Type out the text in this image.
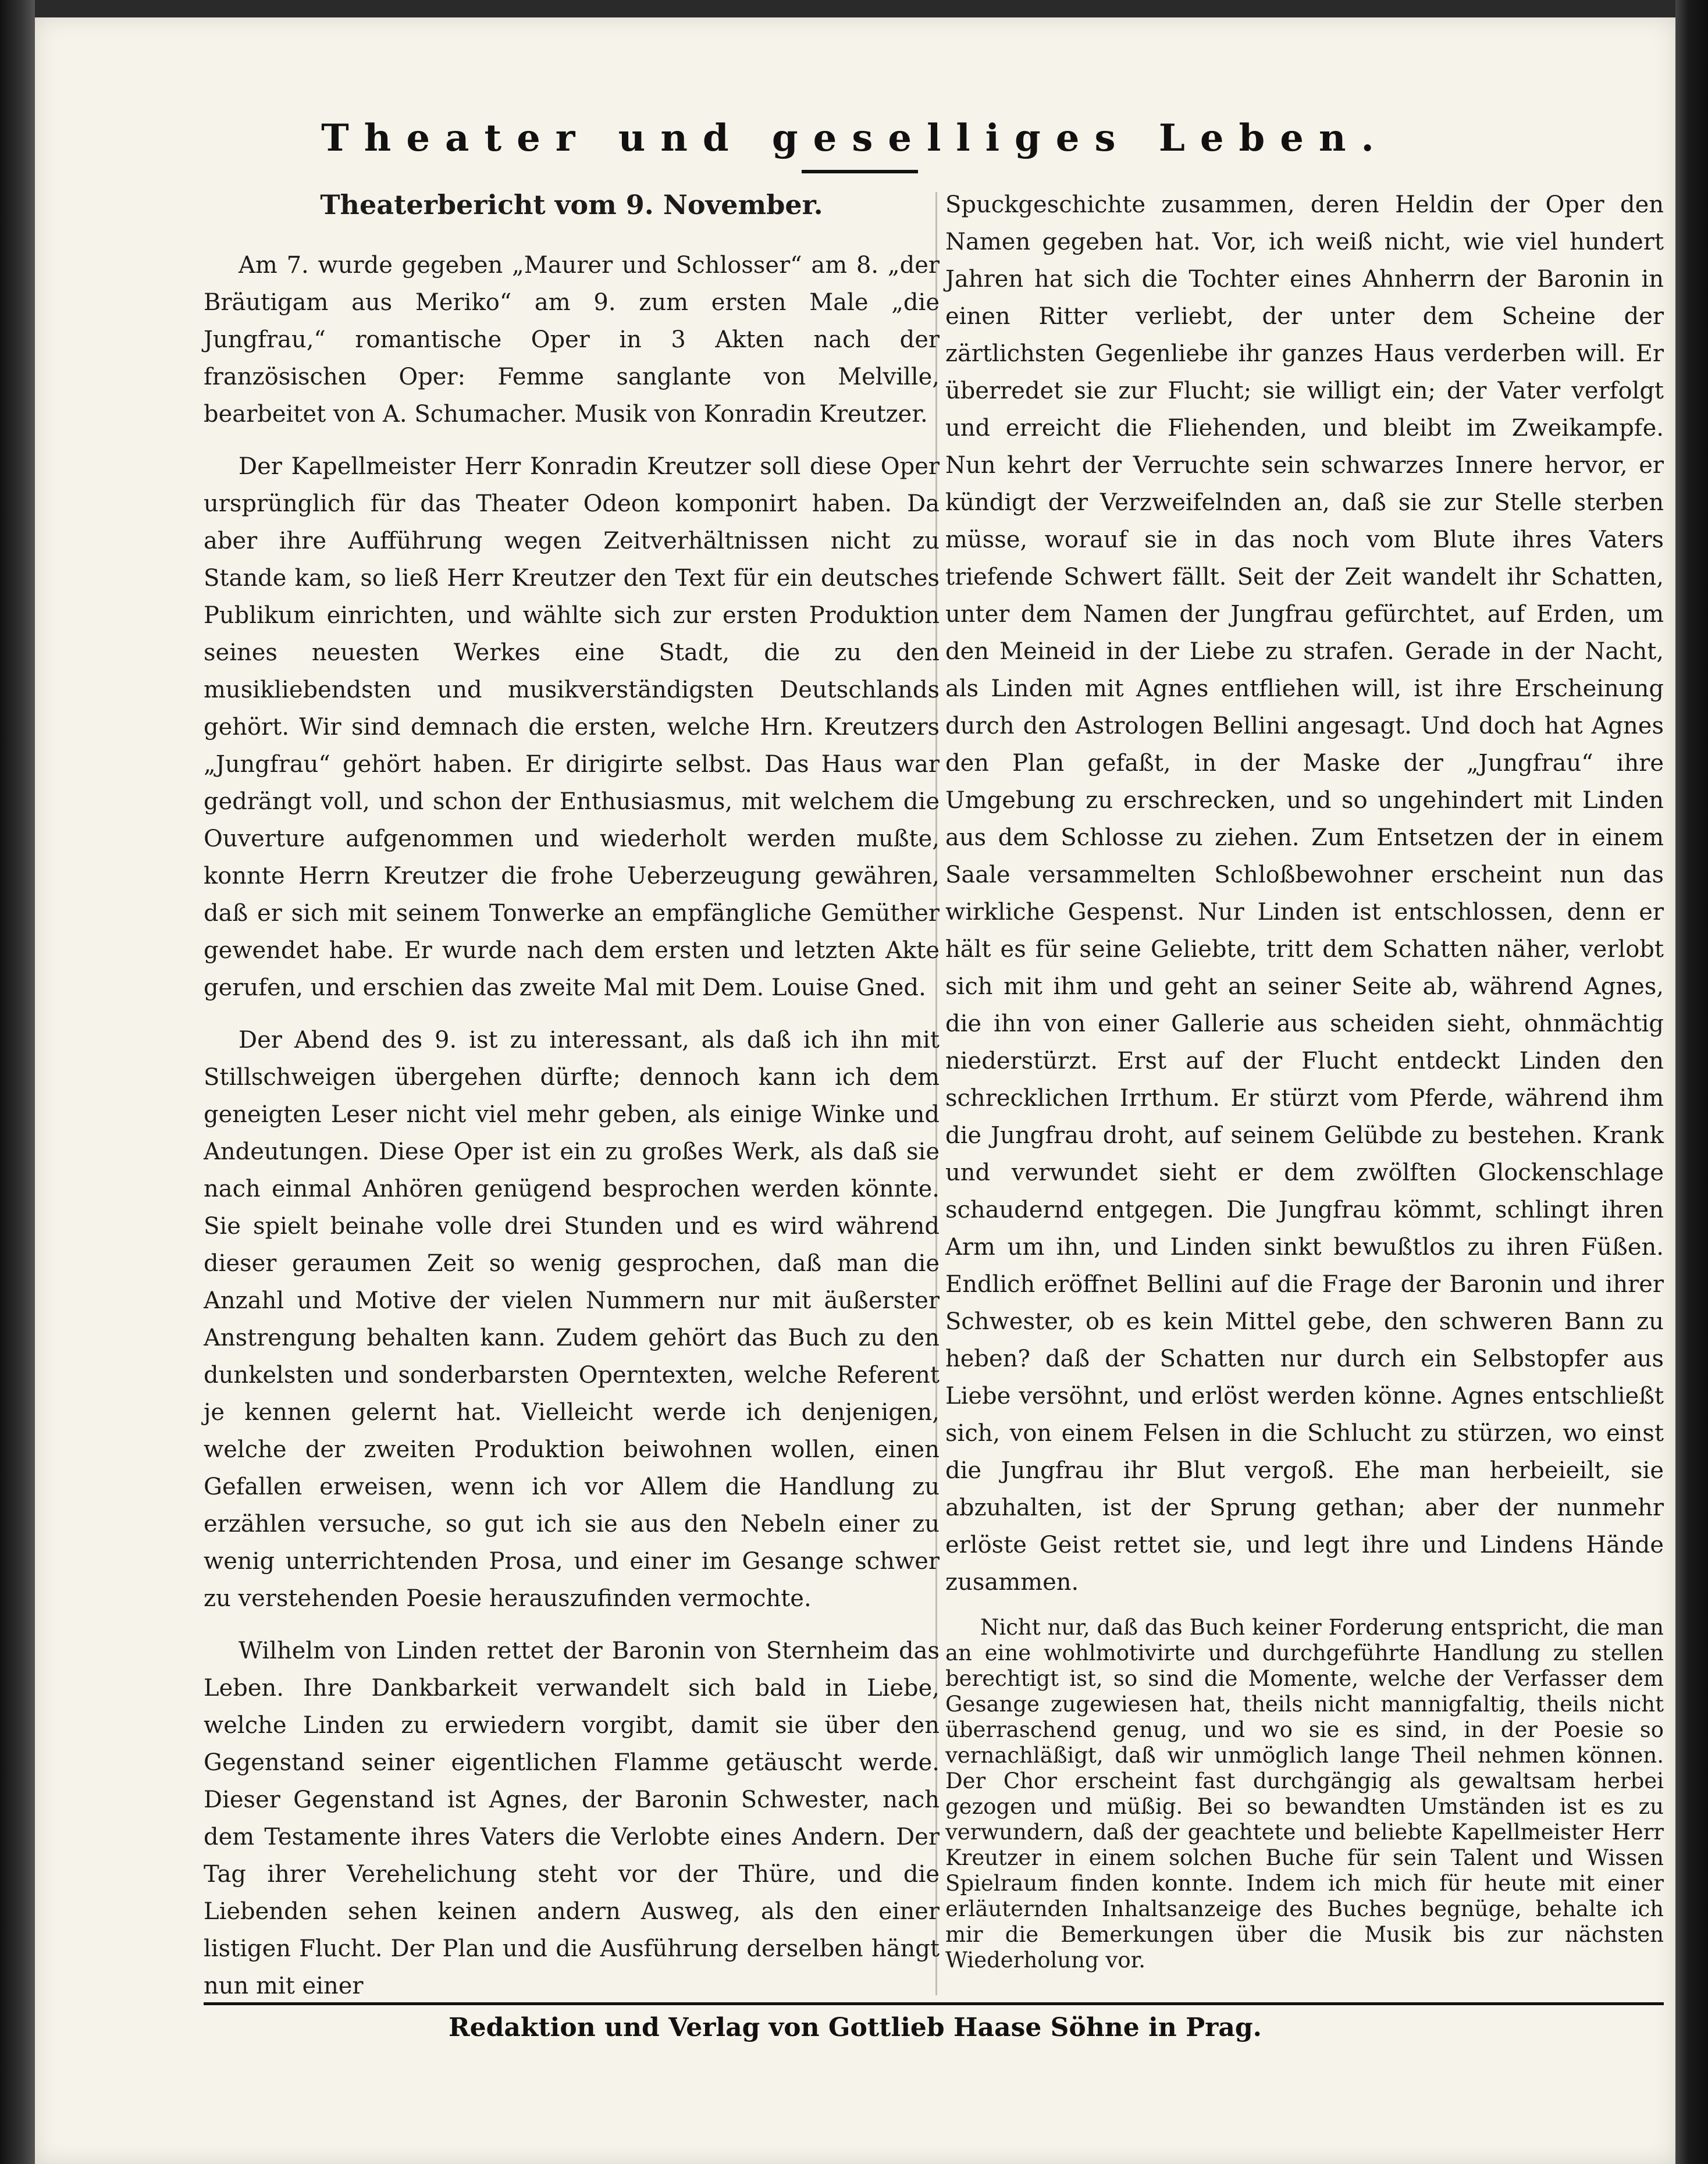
Theater und geselliges Leben.
Theaterbericht vom 9. November.

Am 7. wurde gegeben „Maurer und Schlosser“ am 8. „der Bräutigam aus Meriko“ am 9. zum ersten Male „die Jungfrau,“ romantische Oper in 3 Akten nach der französischen Oper: Femme sanglante von Melville, bearbeitet von A. Schumacher. Musik von Konradin Kreutzer.

Der Kapellmeister Herr Konradin Kreutzer soll diese Oper ursprünglich für das Theater Odeon komponirt haben. Da aber ihre Aufführung wegen Zeitverhältnissen nicht zu Stande kam, so ließ Herr Kreutzer den Text für ein deutsches Publikum einrichten, und wählte sich zur ersten Produktion seines neuesten Werkes eine Stadt, die zu den musikliebendsten und musikverständigsten Deutschlands gehört. Wir sind demnach die ersten, welche Hrn. Kreutzers „Jungfrau“ gehört haben. Er dirigirte selbst. Das Haus war gedrängt voll, und schon der Enthusiasmus, mit welchem die Ouverture aufgenommen und wiederholt werden mußte, konnte Herrn Kreutzer die frohe Ueberzeugung gewähren, daß er sich mit seinem Tonwerke an empfängliche Gemüther gewendet habe. Er wurde nach dem ersten und letzten Akte gerufen, und erschien das zweite Mal mit Dem. Louise Gned.

Der Abend des 9. ist zu interessant, als daß ich ihn mit Stillschweigen übergehen dürfte; dennoch kann ich dem geneigten Leser nicht viel mehr geben, als einige Winke und Andeutungen. Diese Oper ist ein zu großes Werk, als daß sie nach einmal Anhören genügend besprochen werden könnte. Sie spielt beinahe volle drei Stunden und es wird während dieser geraumen Zeit so wenig gesprochen, daß man die Anzahl und Motive der vielen Nummern nur mit äußerster Anstrengung behalten kann. Zudem gehört das Buch zu den dunkelsten und sonderbarsten Operntexten, welche Referent je kennen gelernt hat. Vielleicht werde ich denjenigen, welche der zweiten Produktion beiwohnen wollen, einen Gefallen erweisen, wenn ich vor Allem die Handlung zu erzählen versuche, so gut ich sie aus den Nebeln einer zu wenig unterrichtenden Prosa, und einer im Gesange schwer zu verstehenden Poesie herauszufinden vermochte.

Wilhelm von Linden rettet der Baronin von Sternheim das Leben. Ihre Dankbarkeit verwandelt sich bald in Liebe, welche Linden zu erwiedern vorgibt, damit sie über den Gegenstand seiner eigentlichen Flamme getäuscht werde. Dieser Gegenstand ist Agnes, der Baronin Schwester, nach dem Testamente ihres Vaters die Verlobte eines Andern. Der Tag ihrer Verehelichung steht vor der Thüre, und die Liebenden sehen keinen andern Ausweg, als den einer listigen Flucht. Der Plan und die Ausführung derselben hängt nun mit einer

Spuckgeschichte zusammen, deren Heldin der Oper den Namen gegeben hat. Vor, ich weiß nicht, wie viel hundert Jahren hat sich die Tochter eines Ahnherrn der Baronin in einen Ritter verliebt, der unter dem Scheine der zärtlichsten Gegenliebe ihr ganzes Haus verderben will. Er überredet sie zur Flucht; sie willigt ein; der Vater verfolgt und erreicht die Fliehenden, und bleibt im Zweikampfe. Nun kehrt der Verruchte sein schwarzes Innere hervor, er kündigt der Verzweifelnden an, daß sie zur Stelle sterben müsse, worauf sie in das noch vom Blute ihres Vaters triefende Schwert fällt. Seit der Zeit wandelt ihr Schatten, unter dem Namen der Jungfrau gefürchtet, auf Erden, um den Meineid in der Liebe zu strafen. Gerade in der Nacht, als Linden mit Agnes entfliehen will, ist ihre Erscheinung durch den Astrologen Bellini angesagt. Und doch hat Agnes den Plan gefaßt, in der Maske der „Jungfrau“ ihre Umgebung zu erschrecken, und so ungehindert mit Linden aus dem Schlosse zu ziehen. Zum Entsetzen der in einem Saale versammelten Schloßbewohner erscheint nun das wirkliche Gespenst. Nur Linden ist entschlossen, denn er hält es für seine Geliebte, tritt dem Schatten näher, verlobt sich mit ihm und geht an seiner Seite ab, während Agnes, die ihn von einer Gallerie aus scheiden sieht, ohnmächtig niederstürzt. Erst auf der Flucht entdeckt Linden den schrecklichen Irrthum. Er stürzt vom Pferde, während ihm die Jungfrau droht, auf seinem Gelübde zu bestehen. Krank und verwundet sieht er dem zwölften Glockenschlage schaudernd entgegen. Die Jungfrau kömmt, schlingt ihren Arm um ihn, und Linden sinkt bewußtlos zu ihren Füßen. Endlich eröffnet Bellini auf die Frage der Baronin und ihrer Schwester, ob es kein Mittel gebe, den schweren Bann zu heben? daß der Schatten nur durch ein Selbstopfer aus Liebe versöhnt, und erlöst werden könne. Agnes entschließt sich, von einem Felsen in die Schlucht zu stürzen, wo einst die Jungfrau ihr Blut vergoß. Ehe man herbeieilt, sie abzuhalten, ist der Sprung gethan; aber der nunmehr erlöste Geist rettet sie, und legt ihre und Lindens Hände zusammen.

Nicht nur, daß das Buch keiner Forderung entspricht, die man an eine wohlmotivirte und durchgeführte Handlung zu stellen berechtigt ist, so sind die Momente, welche der Verfasser dem Gesange zugewiesen hat, theils nicht mannigfaltig, theils nicht überraschend genug, und wo sie es sind, in der Poesie so vernachläßigt, daß wir unmöglich lange Theil nehmen können. Der Chor erscheint fast durchgängig als gewaltsam herbei gezogen und müßig. Bei so bewandten Umständen ist es zu verwundern, daß der geachtete und beliebte Kapellmeister Herr Kreutzer in einem solchen Buche für sein Talent und Wissen Spielraum finden konnte. Indem ich mich für heute mit einer erläuternden Inhaltsanzeige des Buches begnüge, behalte ich mir die Bemerkungen über die Musik bis zur nächsten Wiederholung vor.

Redaktion und Verlag von Gottlieb Haase Söhne in Prag.
